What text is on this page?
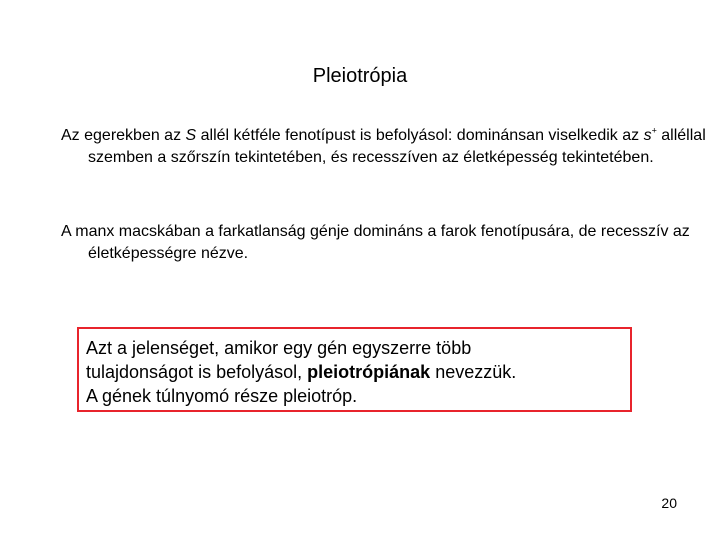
Pleiotrópia
Az egerekben az S allél kétféle fenotípust is befolyásol: dominánsan viselkedik az s+ alléllal szemben a szőrszín tekintetében, és recesszíven az életképesség tekintetében.
A manx macskában a farkatlanság génje domináns a farok fenotípusára, de recesszív az életképességre nézve.
Azt a jelenséget, amikor egy gén egyszerre több
tulajdonságot is befolyásol, pleiotrópiának nevezzük.
A gének túlnyomó része pleiotróp.
20
